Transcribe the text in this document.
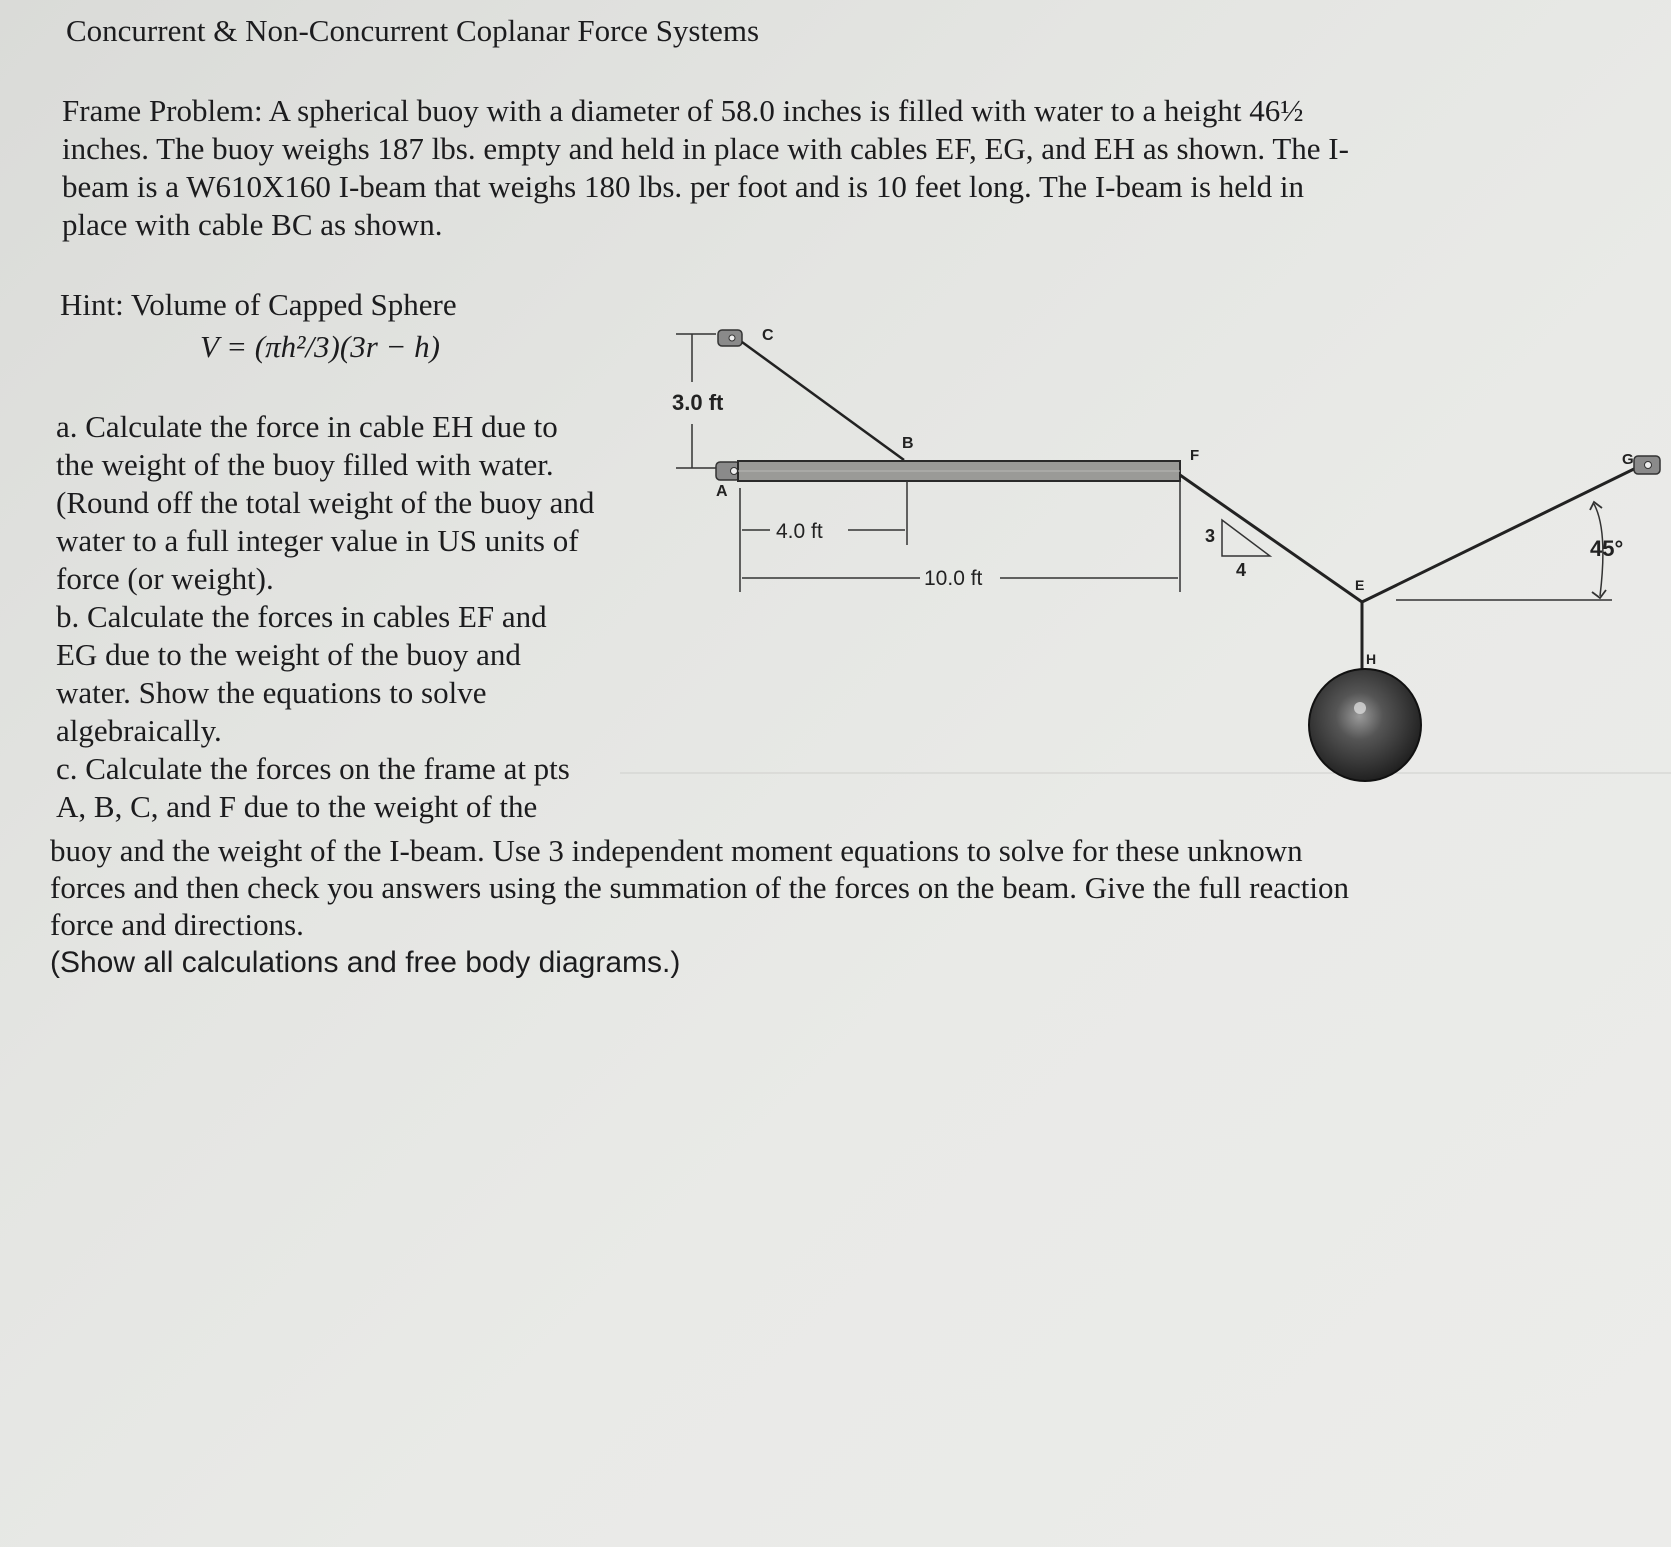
Concurrent & Non-Concurrent Coplanar Force Systems
Frame Problem: A spherical buoy with a diameter of 58.0 inches is filled with water to a height 46½
inches. The buoy weighs 187 lbs. empty and held in place with cables EF, EG, and EH as shown. The I-
beam is a W610X160 I-beam that weighs 180 lbs. per foot and is 10 feet long. The I-beam is held in
place with cable BC as shown.
Hint: Volume of Capped Sphere
V = (πh²/3)(3r − h)
a. Calculate the force in cable EH due to
the weight of the buoy filled with water.
(Round off the total weight of the buoy and
water to a full integer value in US units of
force (or weight).
b. Calculate the forces in cables EF and
EG due to the weight of the buoy and
water. Show the equations to solve
algebraically.
c. Calculate the forces on the frame at pts
A, B, C, and F due to the weight of the
buoy and the weight of the I-beam. Use 3 independent moment equations to solve for these unknown
forces and then check you answers using the summation of the forces on the beam. Give the full reaction
force and directions.
(Show all calculations and free body diagrams.)
3.0 ft
C
B
A
F
4.0 ft
10.0 ft
3
4
E
G
45°
H
